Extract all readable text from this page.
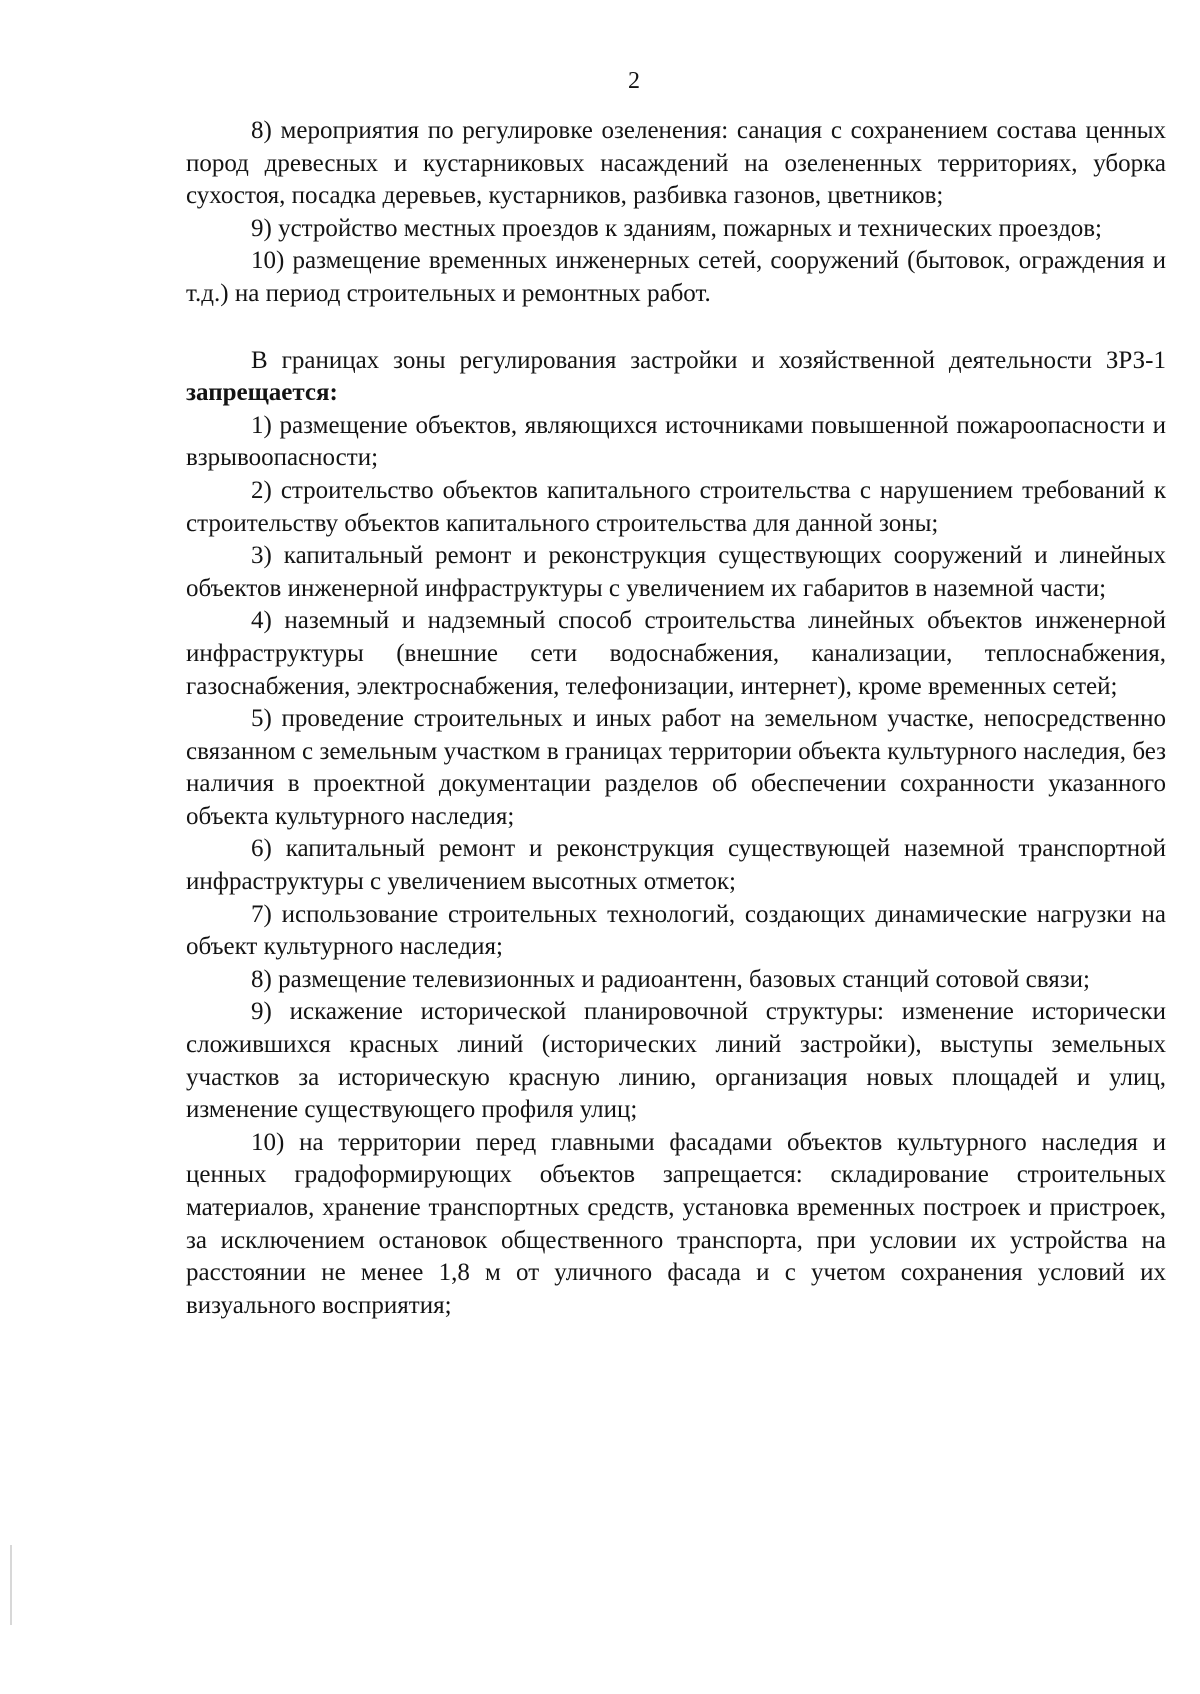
2

8) мероприятия по регулировке озеленения: санация с сохранением состава ценных пород древесных и кустарниковых насаждений на озелененных территориях, уборка сухостоя, посадка деревьев, кустарников, разбивка газонов, цветников;

9) устройство местных проездов к зданиям, пожарных и технических проездов;

10) размещение временных инженерных сетей, сооружений (бытовок, ограждения и т.д.) на период строительных и ремонтных работ.

В границах зоны регулирования застройки и хозяйственной деятельности ЗРЗ-1 запрещается:

1) размещение объектов, являющихся источниками повышенной пожароопасности и взрывоопасности;

2) строительство объектов капитального строительства с нарушением требований к строительству объектов капитального строительства для данной зоны;

3) капитальный ремонт и реконструкция существующих сооружений и линейных объектов инженерной инфраструктуры с увеличением их габаритов в наземной части;

4) наземный и надземный способ строительства линейных объектов инженерной инфраструктуры (внешние сети водоснабжения, канализации, теплоснабжения, газоснабжения, электроснабжения, телефонизации, интернет), кроме временных сетей;

5) проведение строительных и иных работ на земельном участке, непосредственно связанном с земельным участком в границах территории объекта культурного наследия, без наличия в проектной документации разделов об обеспечении сохранности указанного объекта культурного наследия;

6) капитальный ремонт и реконструкция существующей наземной транспортной инфраструктуры с увеличением высотных отметок;

7) использование строительных технологий, создающих динамические нагрузки на объект культурного наследия;

8) размещение телевизионных и радиоантенн, базовых станций сотовой связи;

9) искажение исторической планировочной структуры: изменение исторически сложившихся красных линий (исторических линий застройки), выступы земельных участков за историческую красную линию, организация новых площадей и улиц, изменение существующего профиля улиц;

10) на территории перед главными фасадами объектов культурного наследия и ценных градоформирующих объектов запрещается: складирование строительных материалов, хранение транспортных средств, установка временных построек и пристроек, за исключением остановок общественного транспорта, при условии их устройства на расстоянии не менее 1,8 м от уличного фасада и с учетом сохранения условий их визуального восприятия;
